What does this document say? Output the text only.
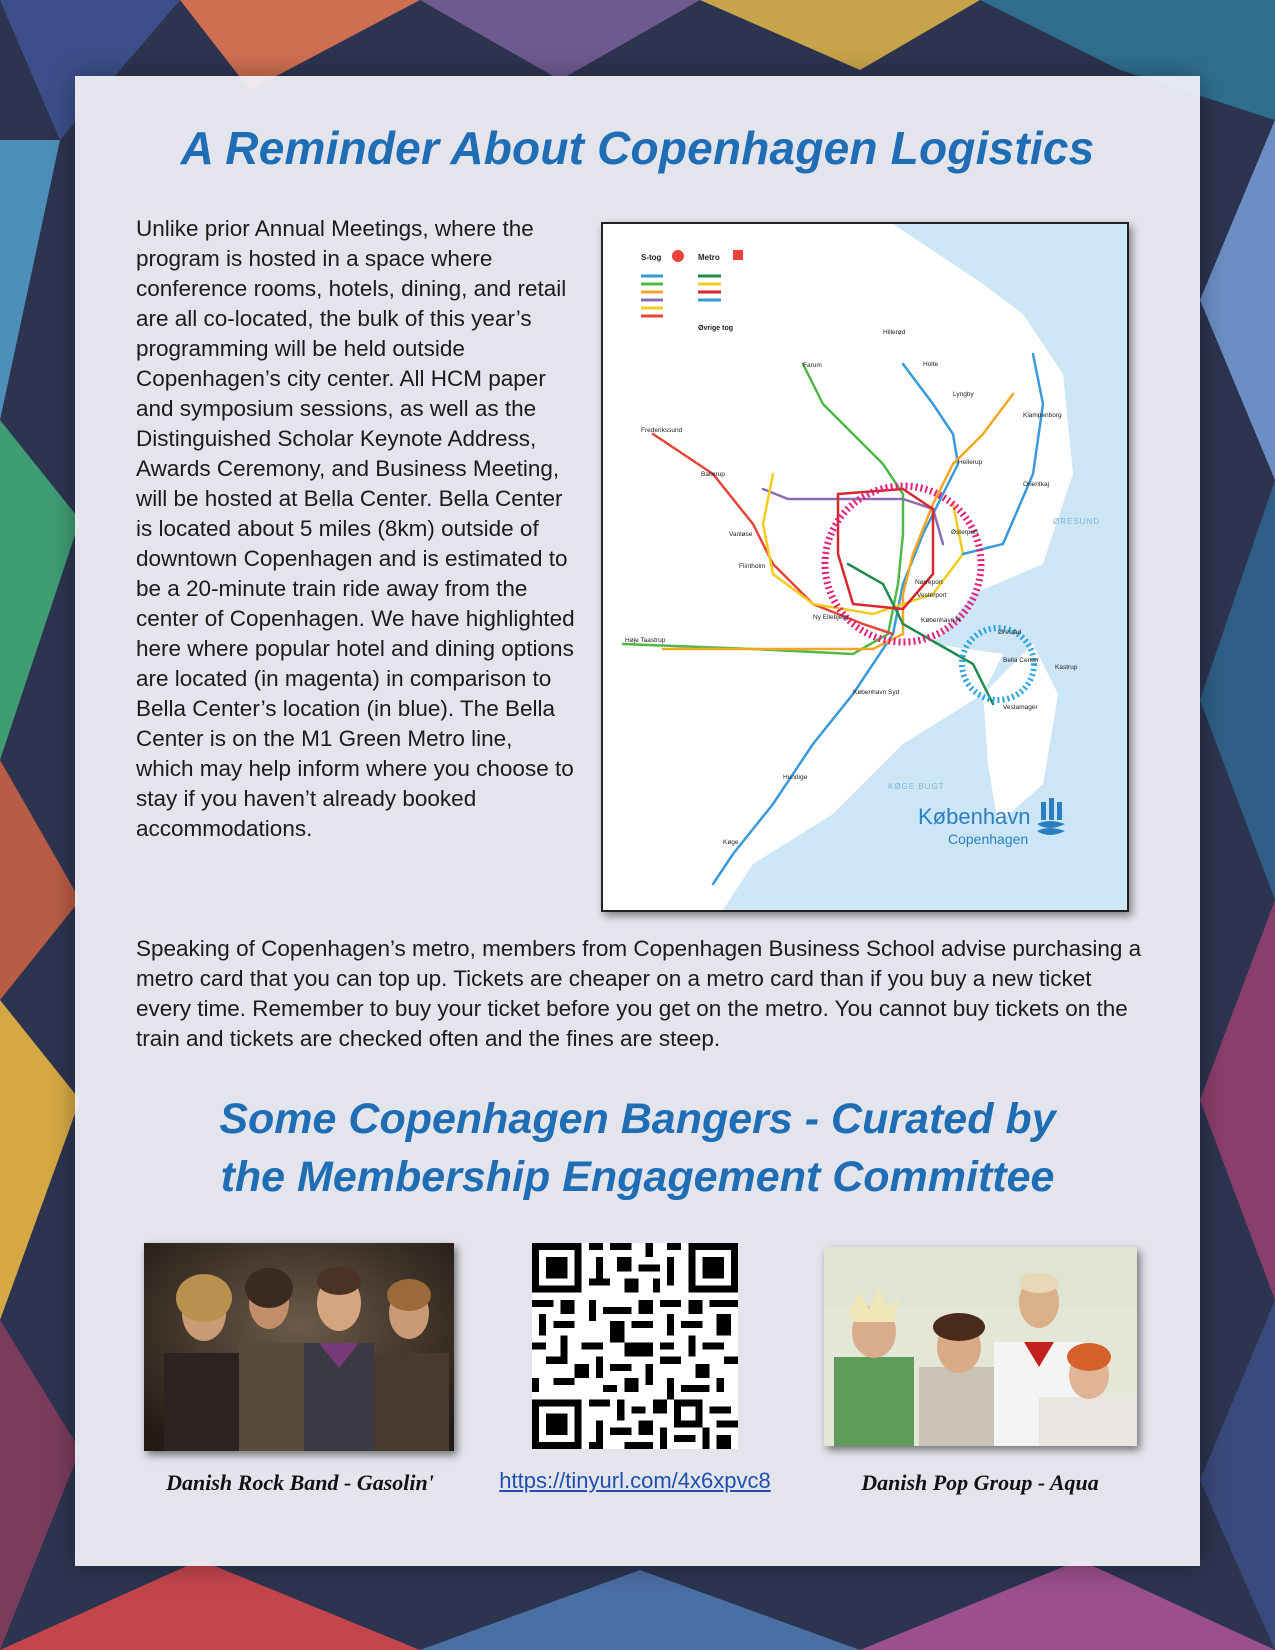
A Reminder About Copenhagen Logistics

Unlike prior Annual Meetings, where the program is hosted in a space where conference rooms, hotels, dining, and retail are all co-located, the bulk of this year’s programming will be held outside Copenhagen’s city center. All HCM paper and symposium sessions, as well as the Distinguished Scholar Keynote Address, Awards Ceremony, and Business Meeting, will be hosted at Bella Center. Bella Center is located about 5 miles (8km) outside of downtown Copenhagen and is estimated to be a 20-minute train ride away from the center of Copenhagen. We have highlighted here where popular hotel and dining options are located (in magenta) in comparison to Bella Center’s location (in blue). The Bella Center is on the M1 Green Metro line, which may help inform where you choose to stay if you haven’t already booked accommodations.

S-tog	Metro
Øvrige tog
Hillerød
Farum	Holte
Lyngby
Klampenborg
Hellerup
Frederikssund
Ballerup
Vanløse
Flintholm
Nørreport
Østerport
København H
Vesterport
Høje Taastrup
Ørestad
Bella Center
Vestamager
København Syd
Hundige
Køge
Orientkaj
Ny Ellebjerg
Kastrup
ØRESUND
KØGE BUGT
København
Copenhagen

Speaking of Copenhagen’s metro, members from Copenhagen Business School advise purchasing a metro card that you can top up. Tickets are cheaper on a metro card than if you buy a new ticket every time. Remember to buy your ticket before you get on the metro. You cannot buy tickets on the train and tickets are checked often and the fines are steep.

Some Copenhagen Bangers - Curated by
the Membership Engagement Committee
Danish Rock Band - Gasolin'	https://tinyurl.com/4x6xpvc8	Danish Pop Group - Aqua
